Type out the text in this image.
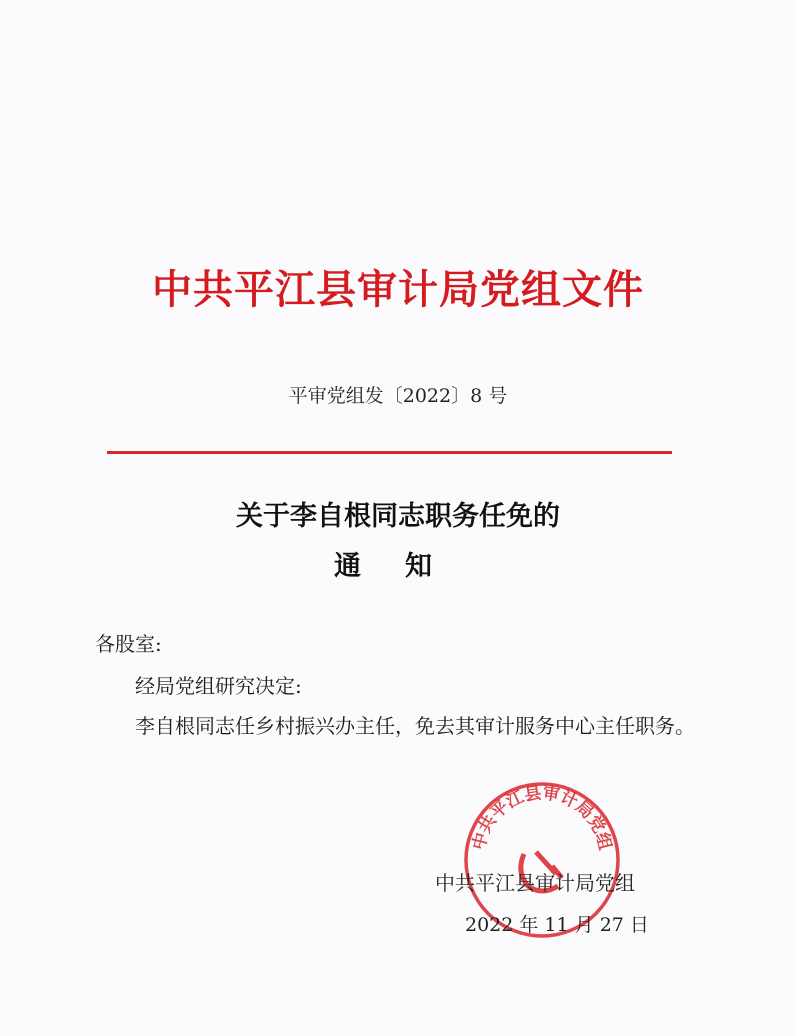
中共平江县审计局党组文件
平审党组发〔2022〕8 号
关于李自根同志职务任免的
通知
各股室:
经局党组研究决定:
李自根同志任乡村振兴办主任，免去其审计服务中心主任职务。
中共平江县审计局党组
中共平江县审计局党组
2022 年 11 月 27 日
